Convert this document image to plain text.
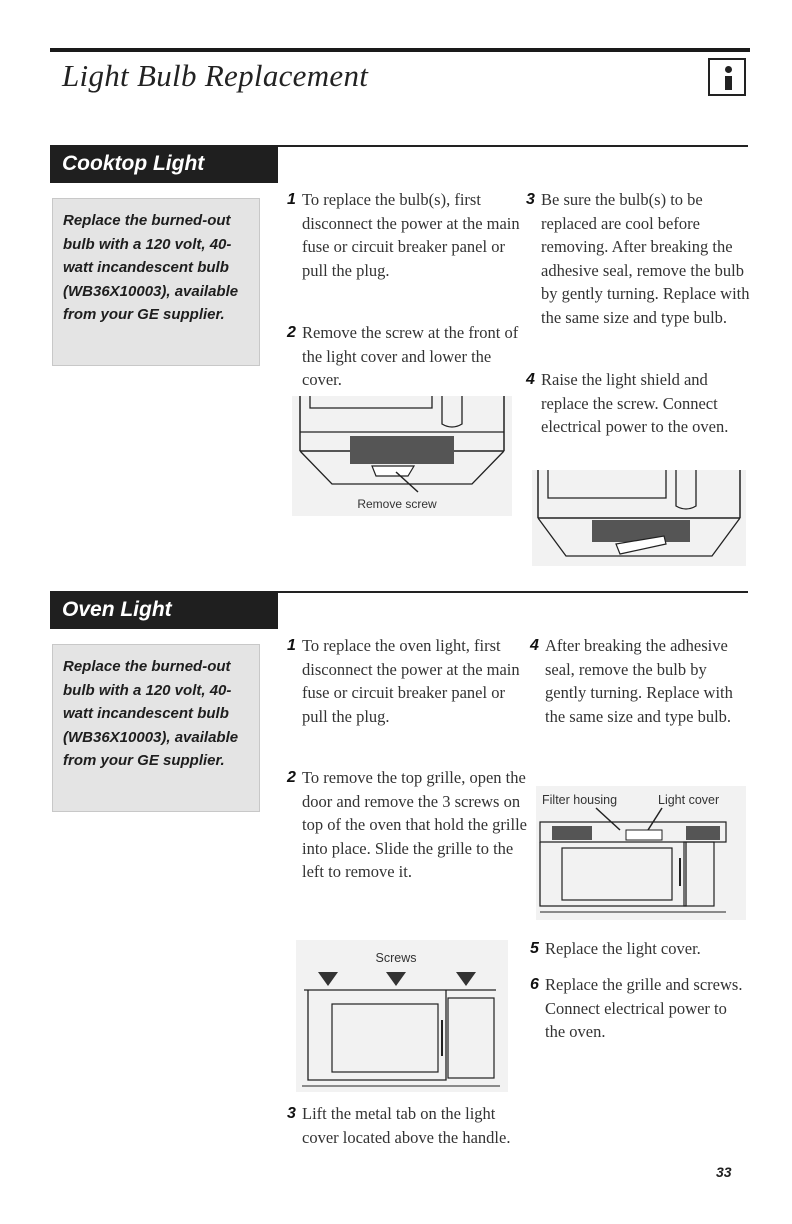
Light Bulb Replacement
Cooktop Light
Replace the burned-out bulb with a 120 volt, 40-watt incandescent bulb (WB36X10003), available from your GE supplier.
1 To replace the bulb(s), first disconnect the power at the main fuse or circuit breaker panel or pull the plug.
2 Remove the screw at the front of the light cover and lower the cover.
3 Be sure the bulb(s) to be replaced are cool before removing. After breaking the adhesive seal, remove the bulb by gently turning. Replace with the same size and type bulb.
4 Raise the light shield and replace the screw. Connect electrical power to the oven.
Remove screw
Oven Light
Replace the burned-out bulb with a 120 volt, 40-watt incandescent bulb (WB36X10003), available from your GE supplier.
1 To replace the oven light, first disconnect the power at the main fuse or circuit breaker panel or pull the plug.
2 To remove the top grille, open the door and remove the 3 screws on top of the oven that hold the grille into place. Slide the grille to the left to remove it.
3 Lift the metal tab on the light cover located above the handle.
4 After breaking the adhesive seal, remove the bulb by gently turning. Replace with the same size and type bulb.
5 Replace the light cover.
6 Replace the grille and screws. Connect electrical power to the oven.
Filter housing	Light cover
Screws
33
